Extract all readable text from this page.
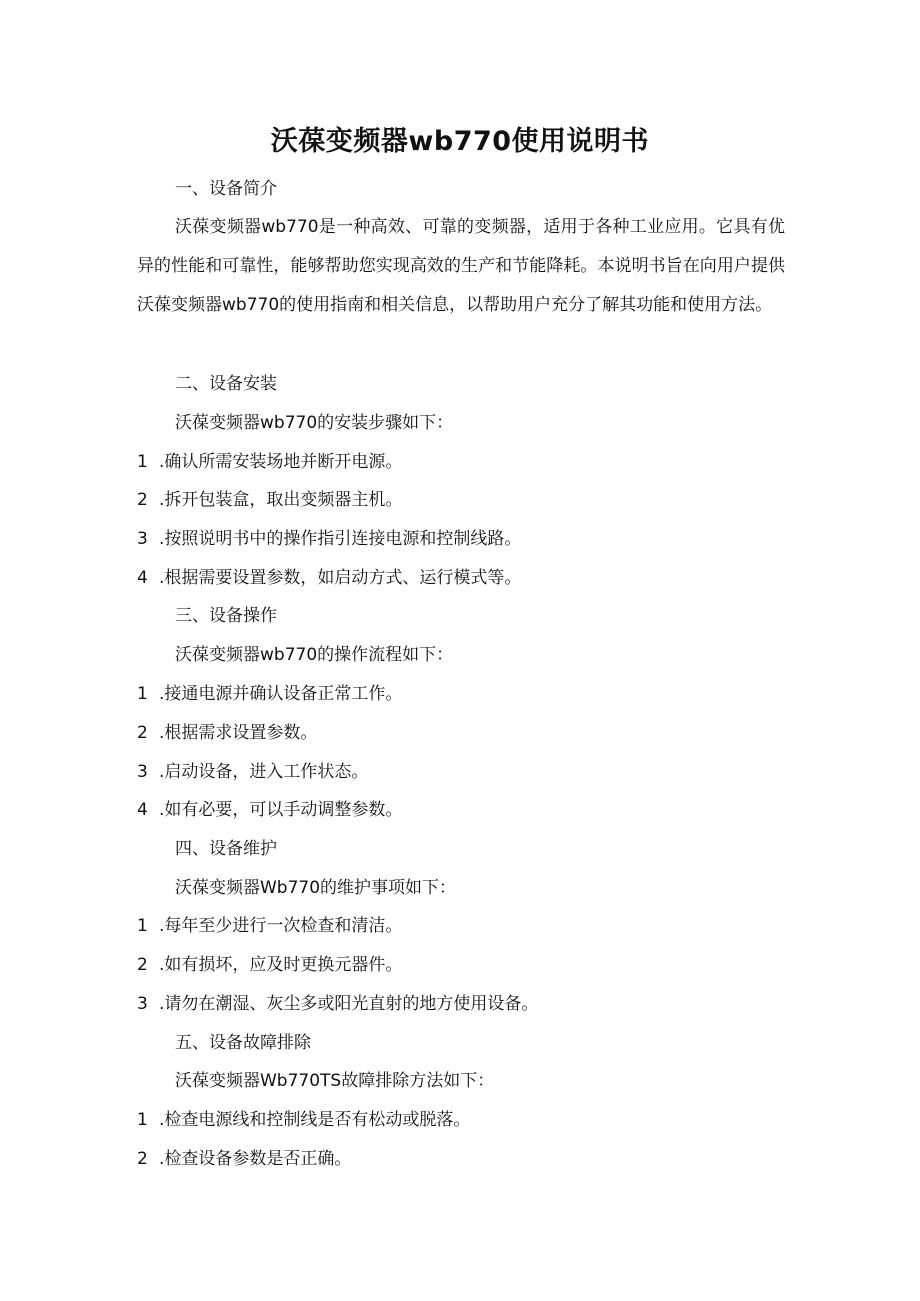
沃葆变频器wb770使用说明书
一、设备简介
沃葆变频器wb770是一种高效、可靠的变频器，适用于各种工业应用。它具有优异的性能和可靠性，能够帮助您实现高效的生产和节能降耗。本说明书旨在向用户提供沃葆变频器wb770的使用指南和相关信息，以帮助用户充分了解其功能和使用方法。
二、设备安装
沃葆变频器wb770的安装步骤如下：
1 .确认所需安装场地并断开电源。
2 .拆开包装盒，取出变频器主机。
3 .按照说明书中的操作指引连接电源和控制线路。
4 .根据需要设置参数，如启动方式、运行模式等。
三、设备操作
沃葆变频器wb770的操作流程如下：
1 .接通电源并确认设备正常工作。
2 .根据需求设置参数。
3 .启动设备，进入工作状态。
4 .如有必要，可以手动调整参数。
四、设备维护
沃葆变频器Wb770的维护事项如下：
1 .每年至少进行一次检查和清洁。
2 .如有损坏，应及时更换元器件。
3 .请勿在潮湿、灰尘多或阳光直射的地方使用设备。
五、设备故障排除
沃葆变频器Wb770TS故障排除方法如下：
1 .检查电源线和控制线是否有松动或脱落。
2 .检查设备参数是否正确。
